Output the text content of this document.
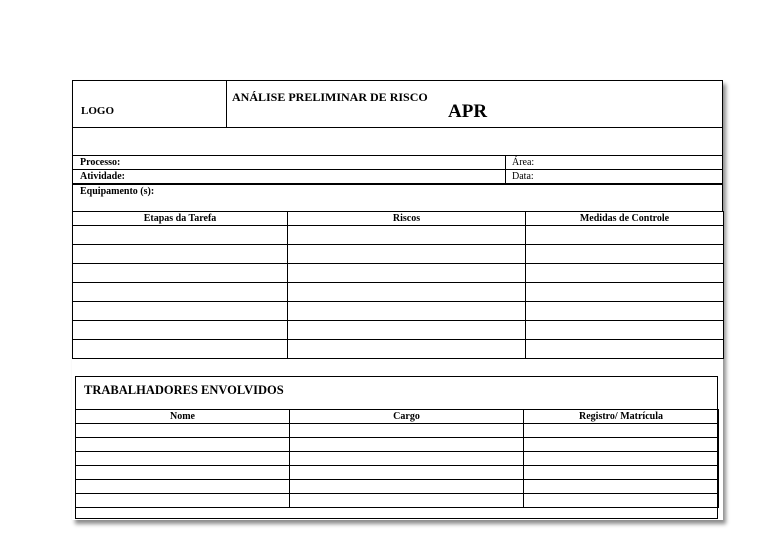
LOGO
ANÁLISE PRELIMINAR DE RISCO
APR
Processo:	Área:
Atividade:	Data:
Equipamento (s):
Etapas da Tarefa	Riscos	Medidas de Controle

TRABALHADORES ENVOLVIDOS
Nome	Cargo	Registro/ Matrícula
